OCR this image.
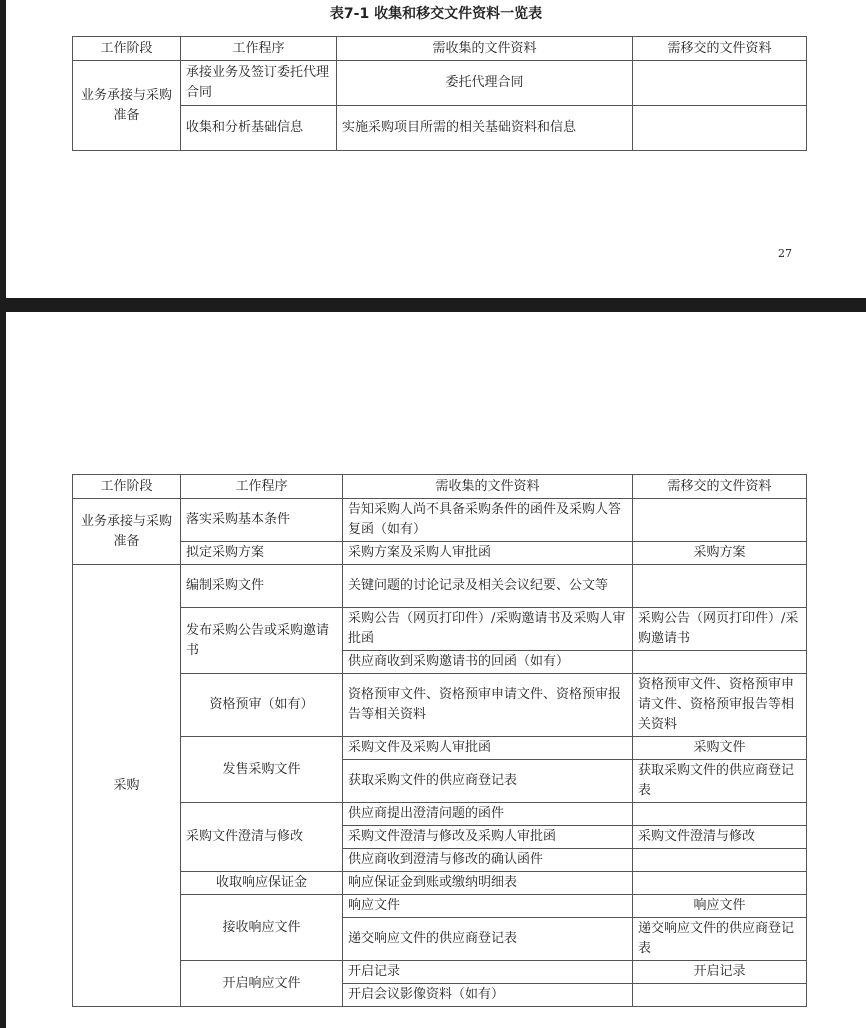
表7-1 收集和移交文件资料一览表
工作阶段	工作程序	需收集的文件资料	需移交的文件资料
业务承接与采购准备	承接业务及签订委托代理合同	委托代理合同	
	收集和分析基础信息	实施采购项目所需的相关基础资料和信息	
27
工作阶段	工作程序	需收集的文件资料	需移交的文件资料
业务承接与采购准备	落实采购基本条件	告知采购人尚不具备采购条件的函件及采购人答复函（如有）	
	拟定采购方案	采购方案及采购人审批函	采购方案
采购	编制采购文件	关键问题的讨论记录及相关会议纪要、公文等	
	发布采购公告或采购邀请书	采购公告（网页打印件）/采购邀请书及采购人审批函	采购公告（网页打印件）/采购邀请书
		供应商收到采购邀请书的回函（如有）	
	资格预审（如有）	资格预审文件、资格预审申请文件、资格预审报告等相关资料	资格预审文件、资格预审申请文件、资格预审报告等相关资料
	发售采购文件	采购文件及采购人审批函	采购文件
		获取采购文件的供应商登记表	获取采购文件的供应商登记表
	采购文件澄清与修改	供应商提出澄清问题的函件	
		采购文件澄清与修改及采购人审批函	采购文件澄清与修改
		供应商收到澄清与修改的确认函件	
	收取响应保证金	响应保证金到账或缴纳明细表	
	接收响应文件	响应文件	响应文件
		递交响应文件的供应商登记表	递交响应文件的供应商登记表
	开启响应文件	开启记录	开启记录
		开启会议影像资料（如有）	
